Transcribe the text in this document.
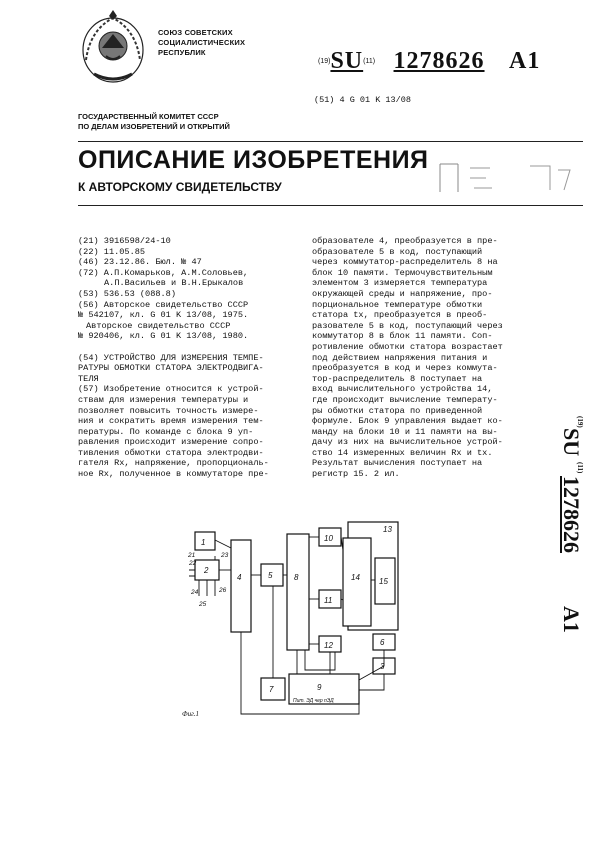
СОЮЗ СОВЕТСКИХ
СОЦИАЛИСТИЧЕСКИХ
РЕСПУБЛИК
(19)SU(11) 1278626 A1
(51) 4 G 01 K 13/08
ГОСУДАРСТВЕННЫЙ КОМИТЕТ СССР
ПО ДЕЛАМ ИЗОБРЕТЕНИЙ И ОТКРЫТИЙ
ОПИСАНИЕ ИЗОБРЕТЕНИЯ
К АВТОРСКОМУ СВИДЕТЕЛЬСТВУ
(21) 3916598/24-10
(22) 11.05.85
(46) 23.12.86. Бюл. № 47
(72) А.П.Комарьков, А.М.Соловьев,
А.П.Васильев и В.Н.Ерыкалов
(53) 536.53 (088.8)
(56) Авторское свидетельство СССР
№ 542107, кл. G 01 K 13/08, 1975.
Авторское свидетельство СССР
№ 920406, кл. G 01 K 13/08, 1980.
(54) УСТРОЙСТВО ДЛЯ ИЗМЕРЕНИЯ ТЕМПЕ-
РАТУРЫ ОБМОТКИ СТАТОРА ЭЛЕКТРОДВИГА-
ТЕЛЯ
(57) Изобретение относится к устрой-
ствам для измерения температуры и
позволяет повысить точность измере-
ния и сократить время измерения тем-
пературы. По команде с блока 9 уп-
равления происходит измерение сопро-
тивления обмотки статора электродви-
гателя Rx, напряжение, пропорциональ-
ное Rx, полученное в коммутаторе пре-
образователе 4, преобразуется в пре-
образователе 5 в код, поступающий
через коммутатор-распределитель 8 на
блок 10 памяти. Термочувствительным
элементом 3 измеряется температура
окружающей среды и напряжение, про-
порциональное температуре обмотки
статора tx, преобразуется в преоб-
разователе 5 в код, поступающий через
коммутатор 8 в блок 11 памяти. Соп-
ротивление обмотки статора возрастает
под действием напряжения питания и
преобразуется в код и через коммута-
тор-распределитель 8 поступает на
вход вычислительного устройства 14,
где происходит вычисление температу-
ры обмотки статора по приведенной
формуле. Блок 9 управления выдает ко-
манду на блоки 10 и 11 памяти на вы-
дачу из них на вычислительное устрой-
ство 14 измеренных величин Rx и tx.
Результат вычисления поступает на
регистр 15. 2 ил.
(19)
SU
(11)
1278626
A1
1
2
4	5	8
10
11
12
13
14 15
6
3
7	9
Пит. ЭД чер пЭД
21
22
23
24	26
25
Фиг.1
